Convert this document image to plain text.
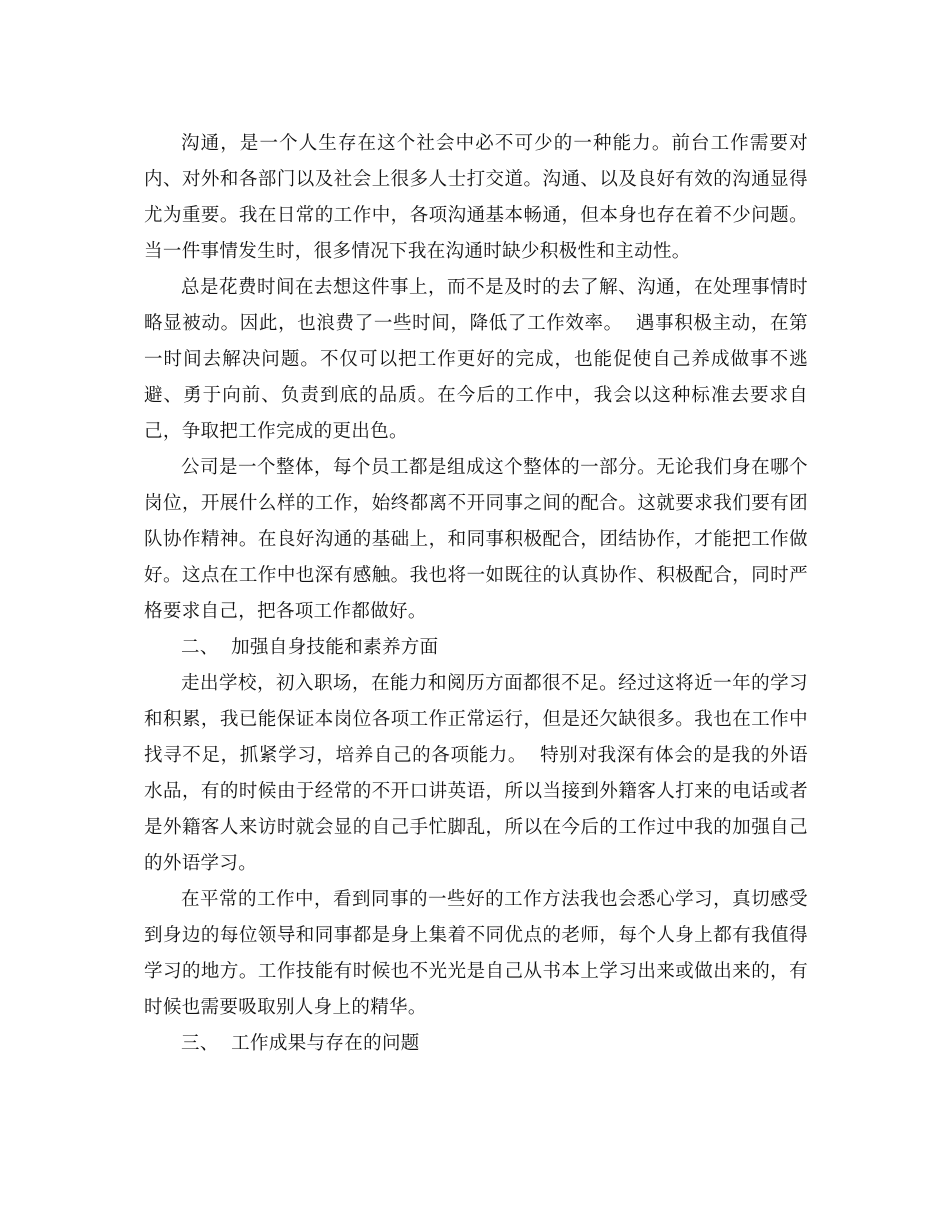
沟通，是一个人生存在这个社会中必不可少的一种能力。前台工作需要对内、对外和各部门以及社会上很多人士打交道。沟通、以及良好有效的沟通显得尤为重要。我在日常的工作中，各项沟通基本畅通，但本身也存在着不少问题。当一件事情发生时，很多情况下我在沟通时缺少积极性和主动性。

总是花费时间在去想这件事上，而不是及时的去了解、沟通，在处理事情时略显被动。因此，也浪费了一些时间，降低了工作效率。  遇事积极主动，在第一时间去解决问题。不仅可以把工作更好的完成，也能促使自己养成做事不逃避、勇于向前、负责到底的品质。在今后的工作中，我会以这种标准去要求自己，争取把工作完成的更出色。

公司是一个整体，每个员工都是组成这个整体的一部分。无论我们身在哪个岗位，开展什么样的工作，始终都离不开同事之间的配合。这就要求我们要有团队协作精神。在良好沟通的基础上，和同事积极配合，团结协作，才能把工作做好。这点在工作中也深有感触。我也将一如既往的认真协作、积极配合，同时严格要求自己，把各项工作都做好。

二、  加强自身技能和素养方面

走出学校，初入职场，在能力和阅历方面都很不足。经过这将近一年的学习和积累，我已能保证本岗位各项工作正常运行，但是还欠缺很多。我也在工作中找寻不足，抓紧学习，培养自己的各项能力。  特别对我深有体会的是我的外语水品，有的时候由于经常的不开口讲英语，所以当接到外籍客人打来的电话或者是外籍客人来访时就会显的自己手忙脚乱，所以在今后的工作过中我的加强自己的外语学习。

在平常的工作中，看到同事的一些好的工作方法我也会悉心学习，真切感受到身边的每位领导和同事都是身上集着不同优点的老师，每个人身上都有我值得学习的地方。工作技能有时候也不光光是自己从书本上学习出来或做出来的，有时候也需要吸取别人身上的精华。

三、  工作成果与存在的问题
